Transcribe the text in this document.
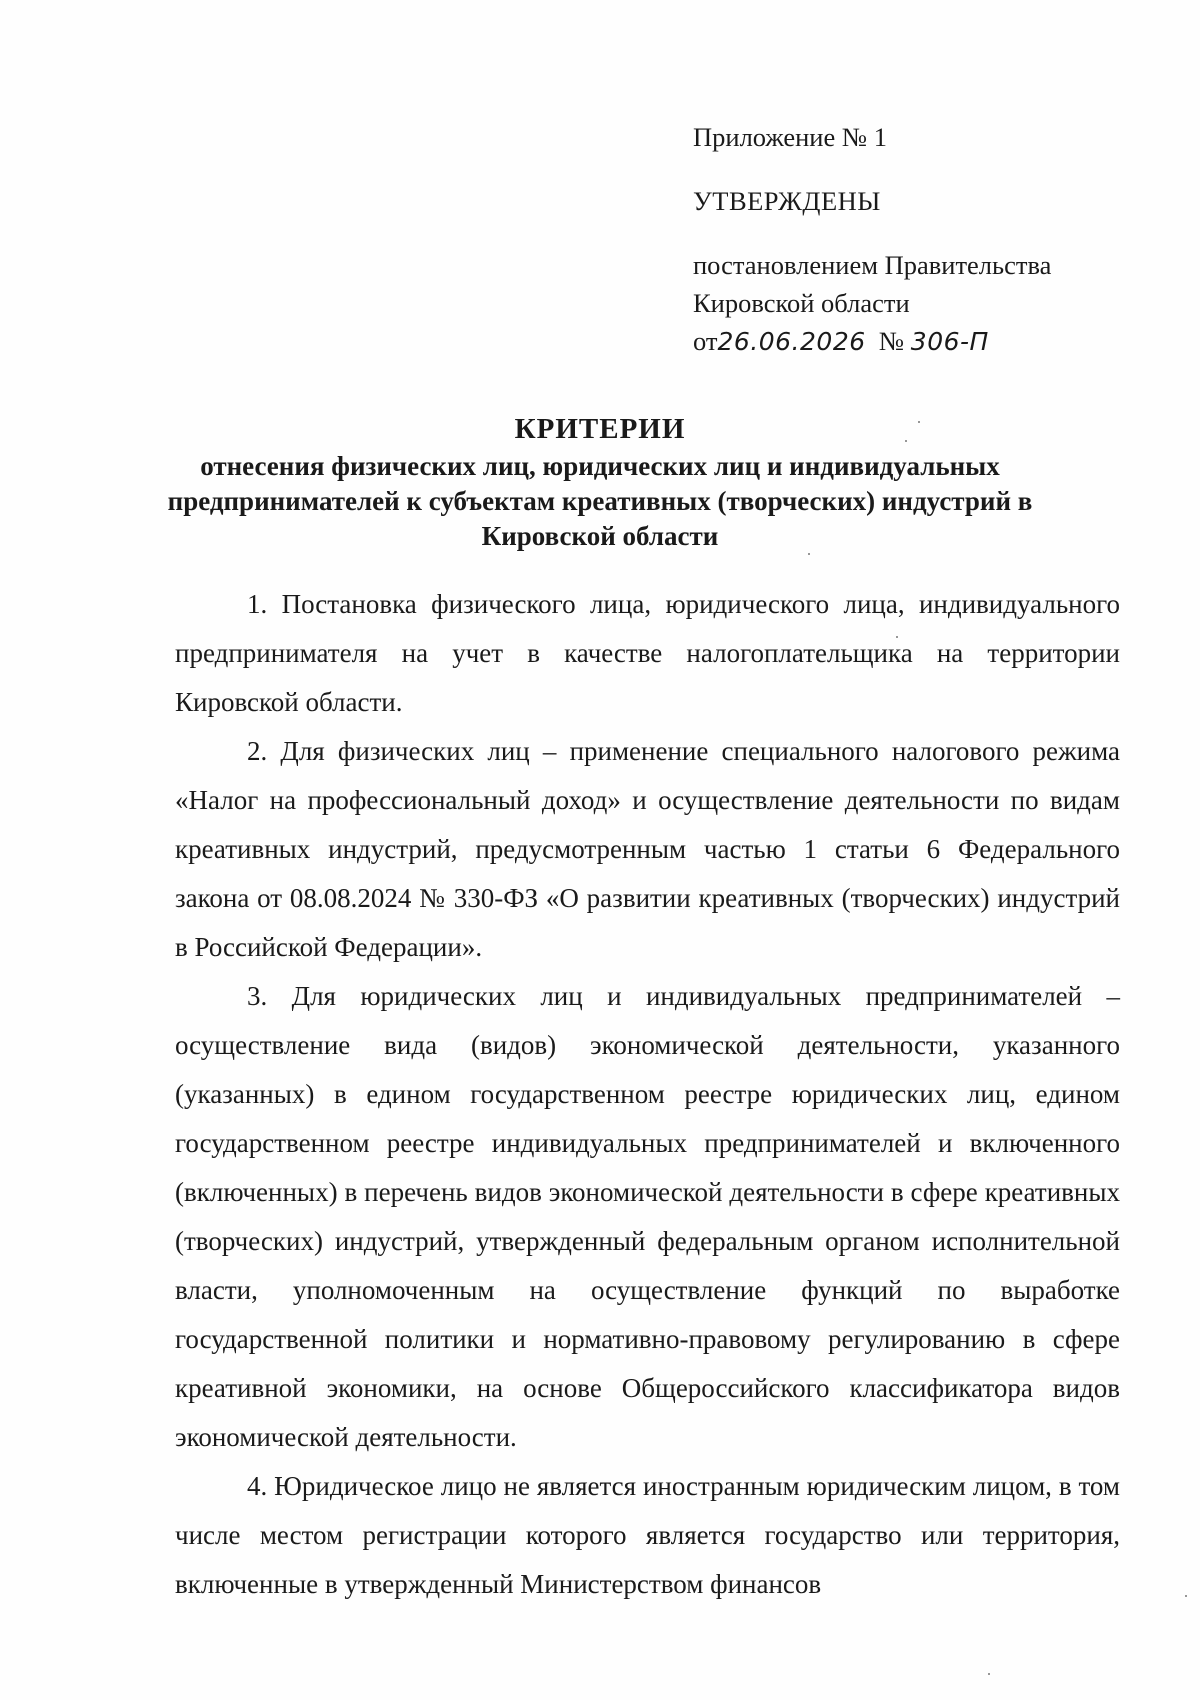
Приложение № 1
УТВЕРЖДЕНЫ
постановлением Правительства
Кировской области
от26.06.2026 № 306-П
КРИТЕРИИ
отнесения физических лиц, юридических лиц и индивидуальных
предпринимателей к субъектам креативных (творческих) индустрий в
Кировской области

1. Постановка физического лица, юридического лица, индивидуального предпринимателя на учет в качестве налогоплательщика на территории Кировской области.

2. Для физических лиц – применение специального налогового режима «Налог на профессиональный доход» и осуществление деятельности по видам креативных индустрий, предусмотренным частью 1 статьи 6 Федерального закона от 08.08.2024 № 330-ФЗ «О развитии креативных (творческих) индустрий в Российской Федерации».

3. Для юридических лиц и индивидуальных предпринимателей – осуществление вида (видов) экономической деятельности, указанного (указанных) в едином государственном реестре юридических лиц, едином государственном реестре индивидуальных предпринимателей и включенного (включенных) в перечень видов экономической деятельности в сфере креативных (творческих) индустрий, утвержденный федеральным органом исполнительной власти, уполномоченным на осуществление функций по выработке государственной политики и нормативно-правовому регулированию в сфере креативной экономики, на основе Общероссийского классификатора видов экономической деятельности.

4. Юридическое лицо не является иностранным юридическим лицом, в том числе местом регистрации которого является государство или территория, включенные в утвержденный Министерством финансов
